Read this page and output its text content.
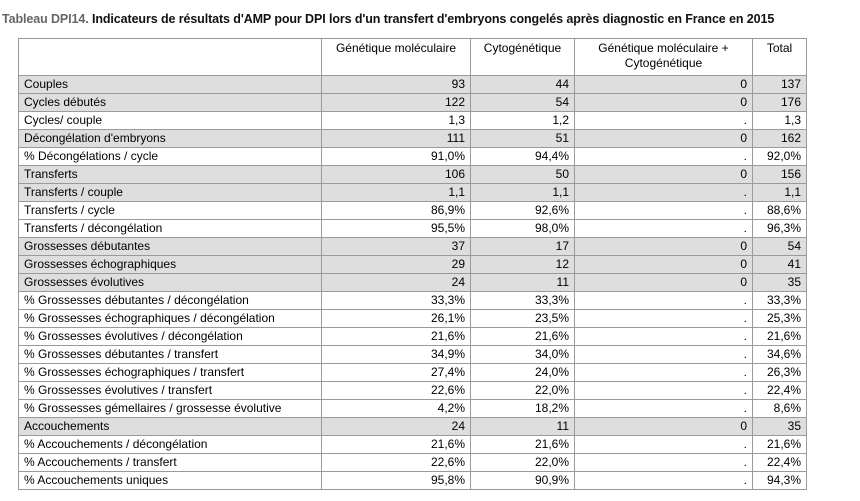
Tableau DPI14. Indicateurs de résultats d'AMP pour DPI lors d'un transfert d'embryons congelés après diagnostic en France en 2015
	Génétique moléculaire	Cytogénétique	Génétique moléculaire + Cytogénétique	Total
Couples	93	44	0	137
Cycles débutés	122	54	0	176
Cycles/ couple	1,3	1,2	.	1,3
Décongélation d'embryons	111	51	0	162
% Décongélations / cycle	91,0%	94,4%	.	92,0%
Transferts	106	50	0	156
Transferts / couple	1,1	1,1	.	1,1
Transferts / cycle	86,9%	92,6%	.	88,6%
Transferts / décongélation	95,5%	98,0%	.	96,3%
Grossesses débutantes	37	17	0	54
Grossesses échographiques	29	12	0	41
Grossesses évolutives	24	11	0	35
% Grossesses débutantes / décongélation	33,3%	33,3%	.	33,3%
% Grossesses échographiques / décongélation	26,1%	23,5%	.	25,3%
% Grossesses évolutives / décongélation	21,6%	21,6%	.	21,6%
% Grossesses débutantes / transfert	34,9%	34,0%	.	34,6%
% Grossesses échographiques / transfert	27,4%	24,0%	.	26,3%
% Grossesses évolutives / transfert	22,6%	22,0%	.	22,4%
% Grossesses gémellaires / grossesse évolutive	4,2%	18,2%	.	8,6%
Accouchements	24	11	0	35
% Accouchements / décongélation	21,6%	21,6%	.	21,6%
% Accouchements / transfert	22,6%	22,0%	.	22,4%
% Accouchements uniques	95,8%	90,9%	.	94,3%
